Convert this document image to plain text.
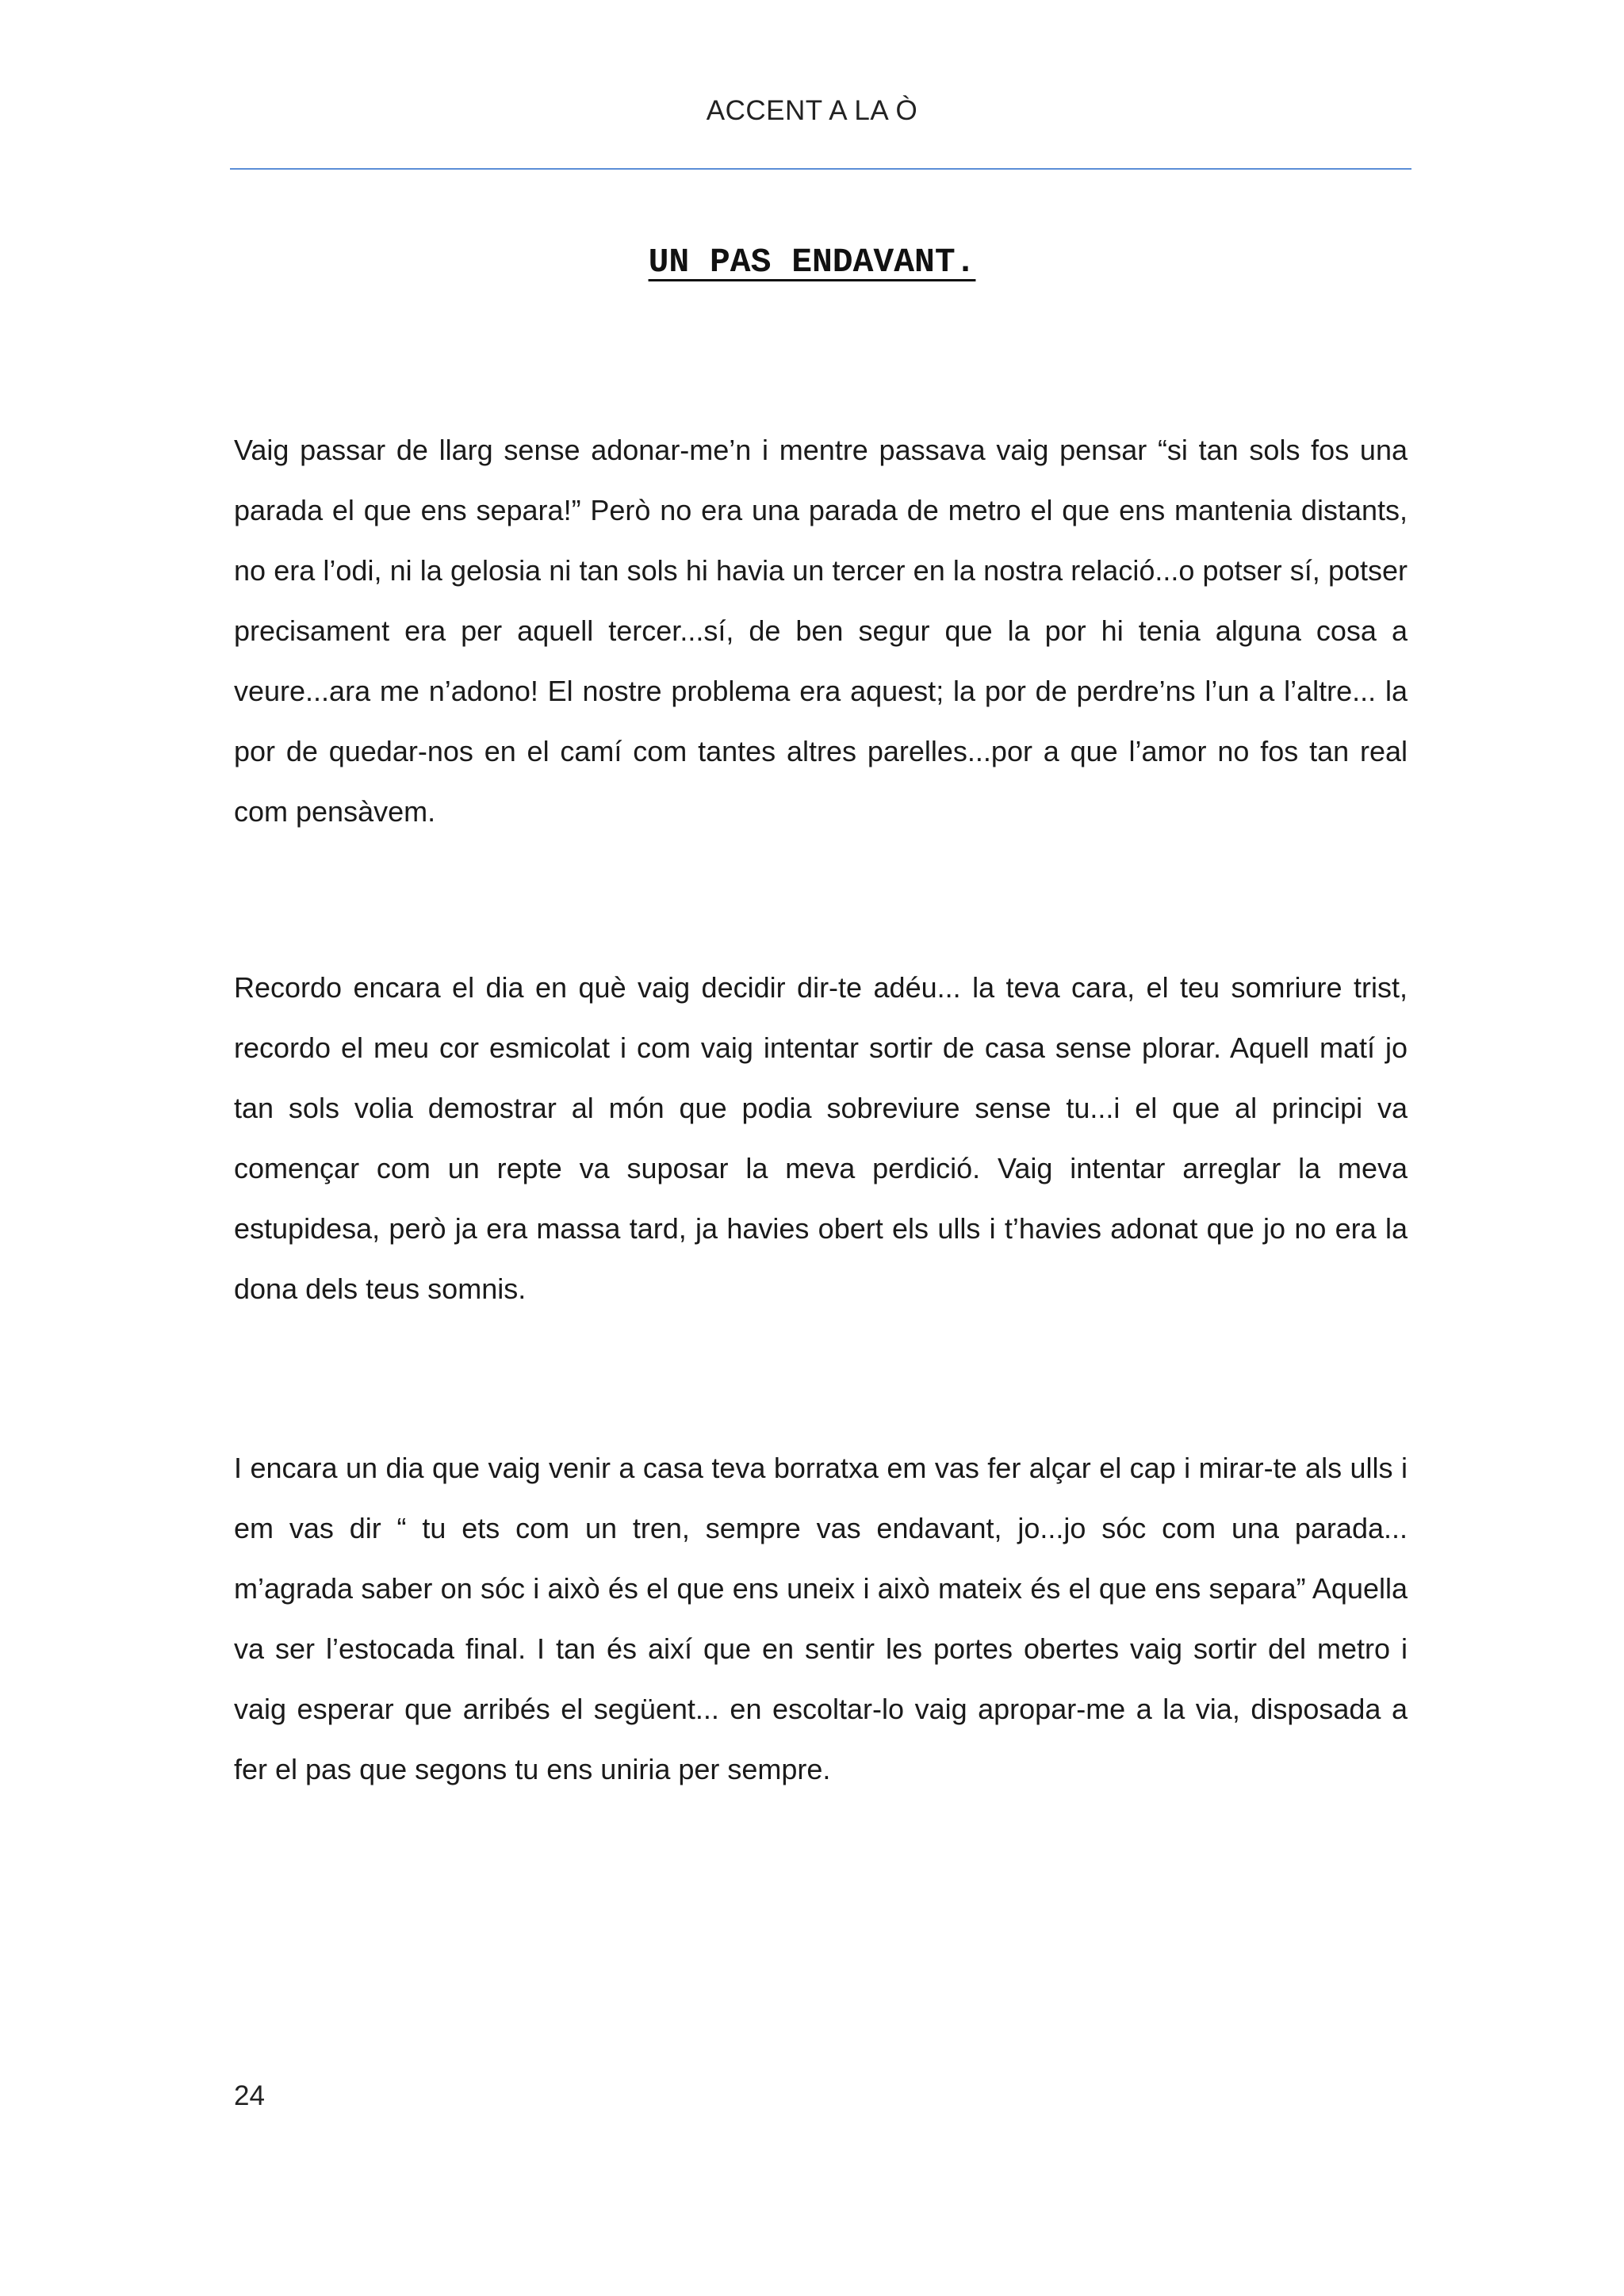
ACCENT A LA Ò
UN PAS ENDAVANT.

Vaig passar de llarg sense adonar-me’n i mentre passava vaig pensar “si tan sols fos una parada el que ens separa!” Però no era una parada de metro el que ens mantenia distants, no era l’odi, ni la gelosia ni tan sols hi havia un tercer en la nostra relació...o potser sí, potser precisament era per aquell tercer...sí, de ben segur que la por hi tenia alguna cosa a veure...ara me n’adono! El nostre problema era aquest; la por de perdre’ns l’un a l’altre... la por de quedar-nos en el camí com tantes altres parelles...por a que l’amor no fos tan real com pensàvem.

Recordo encara el dia en què vaig decidir dir-te adéu... la teva cara, el teu somriure trist, recordo el meu cor esmicolat i com vaig intentar sortir de casa sense plorar. Aquell matí jo tan sols volia demostrar al món que podia sobreviure sense tu...i el que al principi va començar com un repte va suposar la meva perdició. Vaig intentar arreglar la meva estupidesa, però ja era massa tard, ja havies obert els ulls i t’havies adonat que jo no era la dona dels teus somnis.

I encara un dia que vaig venir a casa teva borratxa em vas fer alçar el cap i mirar-te als ulls i em vas dir “ tu ets com un tren, sempre vas endavant, jo...jo sóc com una parada... m’agrada saber on sóc i això és el que ens uneix i això mateix és el que ens separa” Aquella va ser l’estocada final. I tan és així que en sentir les portes obertes vaig sortir del metro i vaig esperar que arribés el següent... en escoltar-lo vaig apropar-me a la via, disposada a fer el pas que segons tu ens uniria per sempre.

24
